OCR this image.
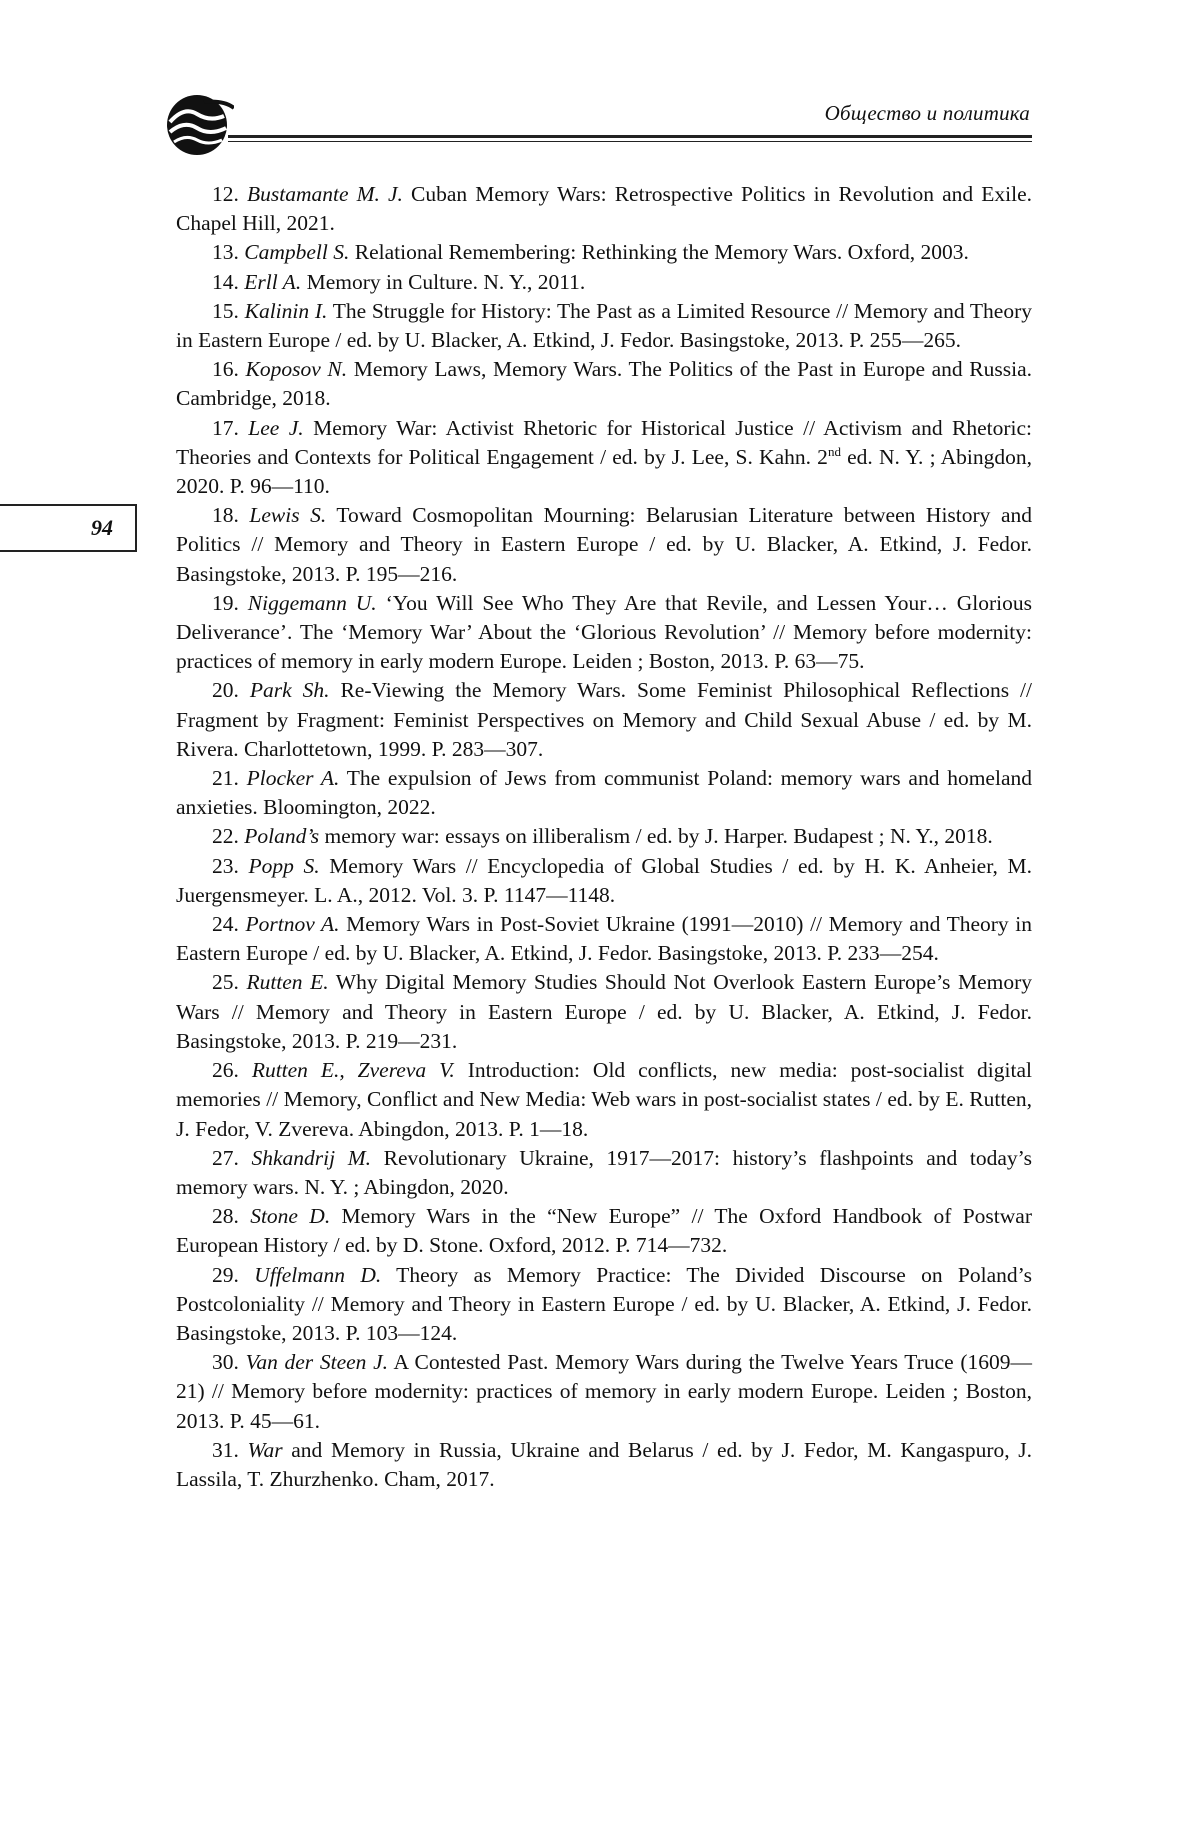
Общество и политика
94
12. Bustamante M. J. Cuban Memory Wars: Retrospective Politics in Revolution and Exile. Chapel Hill, 2021.
13. Campbell S. Relational Remembering: Rethinking the Memory Wars. Oxford, 2003.
14. Erll A. Memory in Culture. N. Y., 2011.
15. Kalinin I. The Struggle for History: The Past as a Limited Resource // Memory and Theory in Eastern Europe / ed. by U. Blacker, A. Etkind, J. Fedor. Basingstoke, 2013. P. 255—265.
16. Koposov N. Memory Laws, Memory Wars. The Politics of the Past in Europe and Russia. Cambridge, 2018.
17. Lee J. Memory War: Activist Rhetoric for Historical Justice // Activism and Rhetoric: Theories and Contexts for Political Engagement / ed. by J. Lee, S. Kahn. 2nd ed. N. Y. ; Abingdon, 2020. P. 96—110.
18. Lewis S. Toward Cosmopolitan Mourning: Belarusian Literature between History and Politics // Memory and Theory in Eastern Europe / ed. by U. Blacker, A. Etkind, J. Fedor. Basingstoke, 2013. P. 195—216.
19. Niggemann U. ‘You Will See Who They Are that Revile, and Lessen Your… Glorious Deliverance’. The ‘Memory War’ About the ‘Glorious Revolution’ // Memory before modernity: practices of memory in early modern Europe. Leiden ; Boston, 2013. P. 63—75.
20. Park Sh. Re-Viewing the Memory Wars. Some Feminist Philosophical Reflections // Fragment by Fragment: Feminist Perspectives on Memory and Child Sexual Abuse / ed. by M. Rivera. Charlottetown, 1999. P. 283—307.
21. Plocker A. The expulsion of Jews from communist Poland: memory wars and homeland anxieties. Bloomington, 2022.
22. Poland’s memory war: essays on illiberalism / ed. by J. Harper. Budapest ; N. Y., 2018.
23. Popp S. Memory Wars // Encyclopedia of Global Studies / ed. by H. K. Anheier, M. Juergensmeyer. L. A., 2012. Vol. 3. P. 1147—1148.
24. Portnov A. Memory Wars in Post-Soviet Ukraine (1991—2010) // Memory and Theory in Eastern Europe / ed. by U. Blacker, A. Etkind, J. Fedor. Basingstoke, 2013. P. 233—254.
25. Rutten E. Why Digital Memory Studies Should Not Overlook Eastern Europe’s Memory Wars // Memory and Theory in Eastern Europe / ed. by U. Blacker, A. Etkind, J. Fedor. Basingstoke, 2013. P. 219—231.
26. Rutten E., Zvereva V. Introduction: Old conflicts, new media: post-socialist digital memories // Memory, Conflict and New Media: Web wars in post-socialist states / ed. by E. Rutten, J. Fedor, V. Zvereva. Abingdon, 2013. P. 1—18.
27. Shkandrij M. Revolutionary Ukraine, 1917—2017: history’s flashpoints and today’s memory wars. N. Y. ; Abingdon, 2020.
28. Stone D. Memory Wars in the “New Europe” // The Oxford Handbook of Postwar European History / ed. by D. Stone. Oxford, 2012. P. 714—732.
29. Uffelmann D. Theory as Memory Practice: The Divided Discourse on Poland’s Postcoloniality // Memory and Theory in Eastern Europe / ed. by U. Blacker, A. Etkind, J. Fedor. Basingstoke, 2013. P. 103—124.
30. Van der Steen J. A Contested Past. Memory Wars during the Twelve Years Truce (1609—21) // Memory before modernity: practices of memory in early modern Europe. Leiden ; Boston, 2013. P. 45—61.
31. War and Memory in Russia, Ukraine and Belarus / ed. by J. Fedor, M. Kangaspuro, J. Lassila, T. Zhurzhenko. Cham, 2017.
